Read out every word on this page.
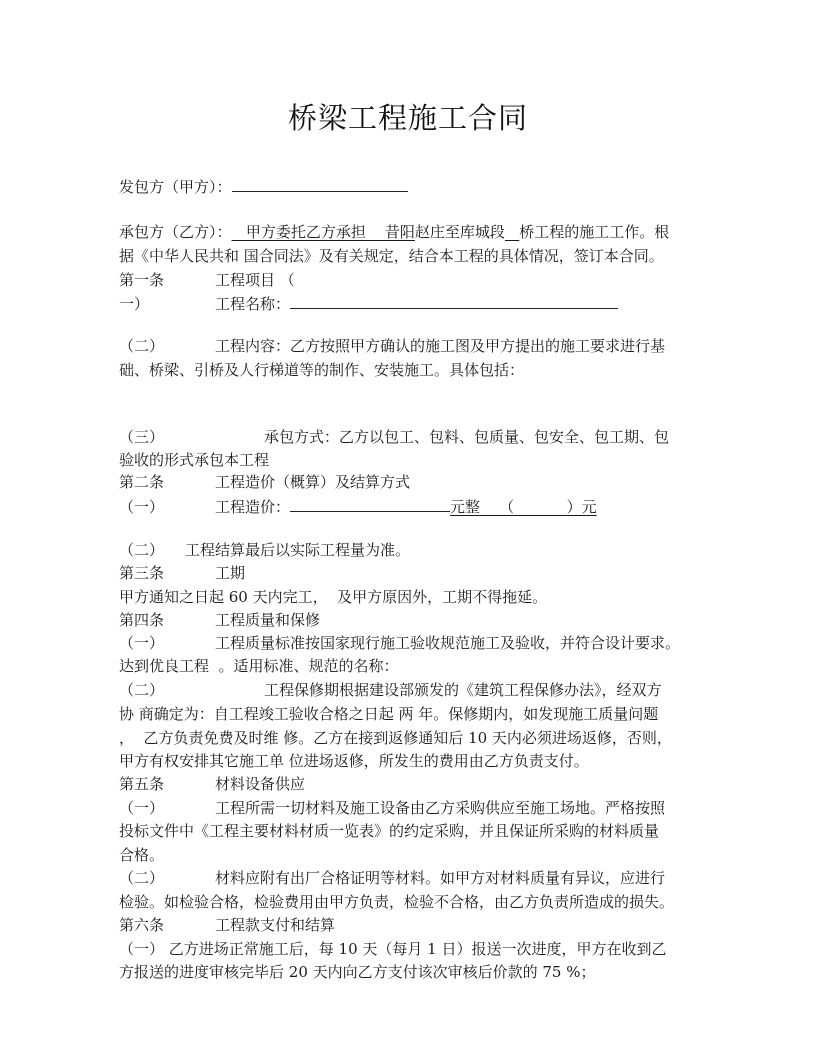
桥梁工程施工合同
发包方（甲方）：
承包方（乙方）：   甲方委托乙方承担    昔阳赵庄至库城段 桥工程的施工工作。根
据《中华人民共和 国合同法》及有关规定，结合本工程的具体情况，签订本合同。
第一条	工程项目 （
一）	工程名称：
（二）	工程内容：乙方按照甲方确认的施工图及甲方提出的施工要求进行基
础、桥梁、引桥及人行梯道等的制作、安装施工。具体包括：
（三）	承包方式：乙方以包工、包料、包质量、包安全、包工期、包
验收的形式承包本工程
第二条	工程造价（概算）及结算方式
（一）	工程造价：	元整 （	）元
（二） 工程结算最后以实际工程量为准。
第三条	工期
甲方通知之日起 60 天内完工，  及甲方原因外，工期不得拖延。
第四条	工程质量和保修
（一）	工程质量标准按国家现行施工验收规范施工及验收，并符合设计要求。
达到优良工程  。适用标准、规范的名称：
（二）	工程保修期根据建设部颁发的《建筑工程保修办法》，经双方
协 商确定为：自工程竣工验收合格之日起 两 年。保修期内，如发现施工质量问题
，  乙方负责免费及时维 修。乙方在接到返修通知后 10 天内必须进场返修，否则，
甲方有权安排其它施工单 位进场返修，所发生的费用由乙方负责支付。
第五条	材料设备供应
（一）	工程所需一切材料及施工设备由乙方采购供应至施工场地。严格按照
投标文件中《工程主要材料材质一览表》的约定采购，并且保证所采购的材料质量
合格。
（二）	材料应附有出厂合格证明等材料。如甲方对材料质量有异议，应进行
检验。如检验合格，检验费用由甲方负责，检验不合格，由乙方负责所造成的损失。
第六条	工程款支付和结算
（一） 乙方进场正常施工后，每 10 天（每月 1 日）报送一次进度，甲方在收到乙
方报送的进度审核完毕后 20 天内向乙方支付该次审核后价款的 75 %；
